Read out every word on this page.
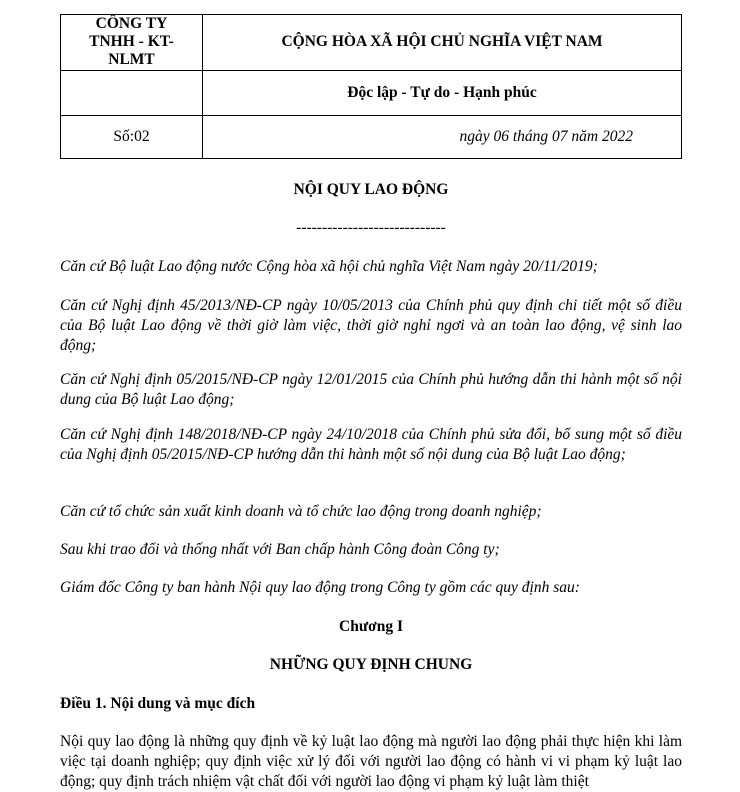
CÔNG TY TNHH - KT- NLMT	CỘNG HÒA XÃ HỘI CHỦ NGHĨA VIỆT NAM
	Độc lập - Tự do - Hạnh phúc
Số:02	ngày 06 tháng 07 năm 2022
NỘI QUY LAO ĐỘNG
-----------------------------
Căn cứ Bộ luật Lao động nước Cộng hòa xã hội chủ nghĩa Việt Nam ngày 20/11/2019;
Căn cứ Nghị định 45/2013/NĐ-CP ngày 10/05/2013 của Chính phủ quy định chi tiết một số điều của Bộ luật Lao động về thời giờ làm việc, thời giờ nghỉ ngơi và an toàn lao động, vệ sinh lao động;
Căn cứ Nghị định 05/2015/NĐ-CP ngày 12/01/2015 của Chính phủ hướng dẫn thi hành một số nội dung của Bộ luật Lao động;
Căn cứ Nghị định 148/2018/NĐ-CP ngày 24/10/2018 của Chính phủ sửa đổi, bổ sung một số điều của Nghị định 05/2015/NĐ-CP hướng dẫn thi hành một số nội dung của Bộ luật Lao động;
Căn cứ tổ chức sản xuất kinh doanh và tổ chức lao động trong doanh nghiệp;
Sau khi trao đổi và thống nhất với Ban chấp hành Công đoàn Công ty;
Giám đốc Công ty ban hành Nội quy lao động trong Công ty gồm các quy định sau:
Chương I
NHỮNG QUY ĐỊNH CHUNG
Điều 1. Nội dung và mục đích
Nội quy lao động là những quy định về kỷ luật lao động mà người lao động phải thực hiện khi làm việc tại doanh nghiệp; quy định việc xử lý đối với người lao động có hành vi vi phạm kỷ luật lao động; quy định trách nhiệm vật chất đối với người lao động vi phạm kỷ luật làm thiệt
